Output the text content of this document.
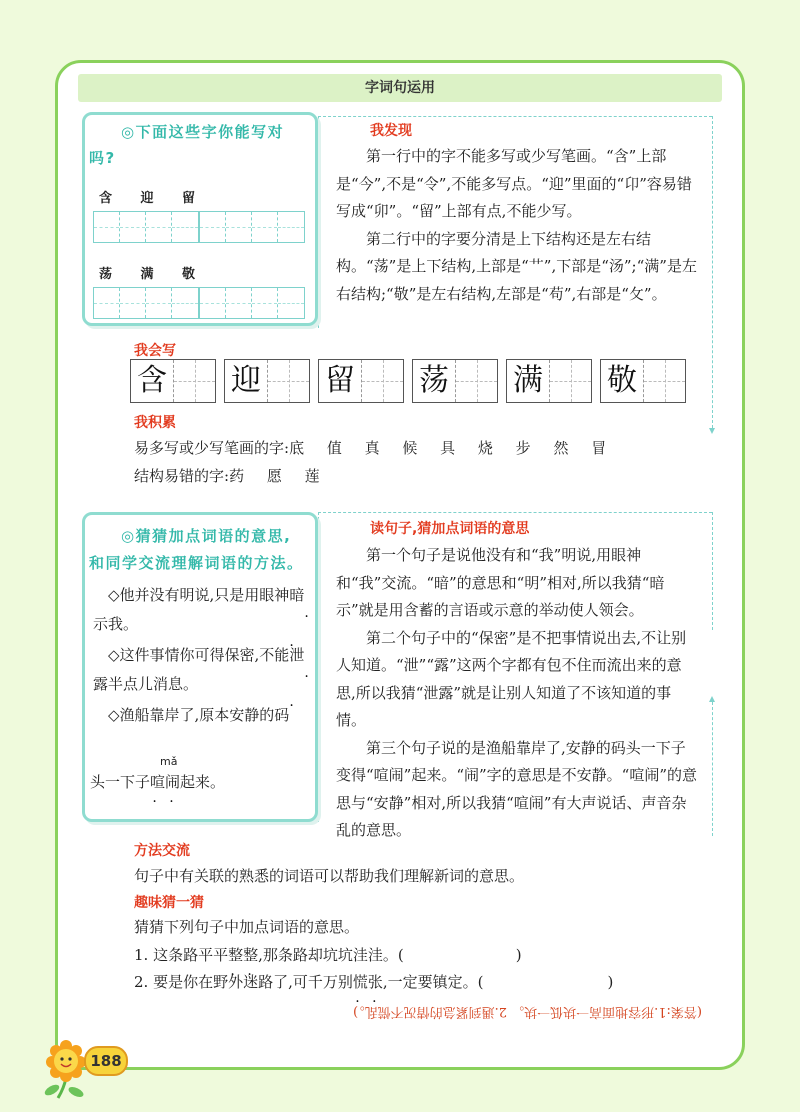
字词句运用

◎下面这些字你能写对吗?

含 迎 留
荡 满 敬
我发现

第一行中的字不能多写或少写笔画。“含”上部是“今”,不是“令”,不能多写点。“迎”里面的“卬”容易错写成“卯”。“留”上部有点,不能少写。

第二行中的字要分清是上下结构还是左右结构。“荡”是上下结构,上部是“艹”,下部是“汤”;“满”是左右结构;“敬”是左右结构,左部是“苟”,右部是“攵”。

我会写
含 迎 留 荡 满 敬
我积累
易多写或少写笔画的字:底 值 真 候 具 烧 步 然 冒
结构易错的字:药 愿 莲

◎猜猜加点词语的意思,和同学交流理解词语的方法。

◇他并没有明说,只是用眼神暗示 · ·我。

◇这件事情你可得保密,不能泄露 · ·半点儿消息。

◇渔船靠岸了,原本安静的码

mǎ
头一下子喧闹 · ·起来。
读句子,猜加点词语的意思

第一个句子是说他没有和“我”明说,用眼神和“我”交流。“暗”的意思和“明”相对,所以我猜“暗示”就是用含蓄的言语或示意的举动使人领会。

第二个句子中的“保密”是不把事情说出去,不让别人知道。“泄”“露”这两个字都有包不住而流出来的意思,所以我猜“泄露”就是让别人知道了不该知道的事情。

第三个句子说的是渔船靠岸了,安静的码头一下子变得“喧闹”起来。“闹”字的意思是不安静。“喧闹”的意思与“安静”相对,所以我猜“喧闹”有大声说话、声音杂乱的意思。

方法交流
句子中有关联的熟悉的词语可以帮助我们理解新词的意思。
趣味猜一猜
猜猜下列句子中加点词语的意思。
1. 这条路平平整整 · ·,那条路却坑坑洼洼。(	)
2. 要是你在野外迷路了,可千万别慌张 · ·,一定要镇定。(	)
(答案:1.形容地面高一块低一块。 2.遇到紧急的情况不慌乱。)
188
